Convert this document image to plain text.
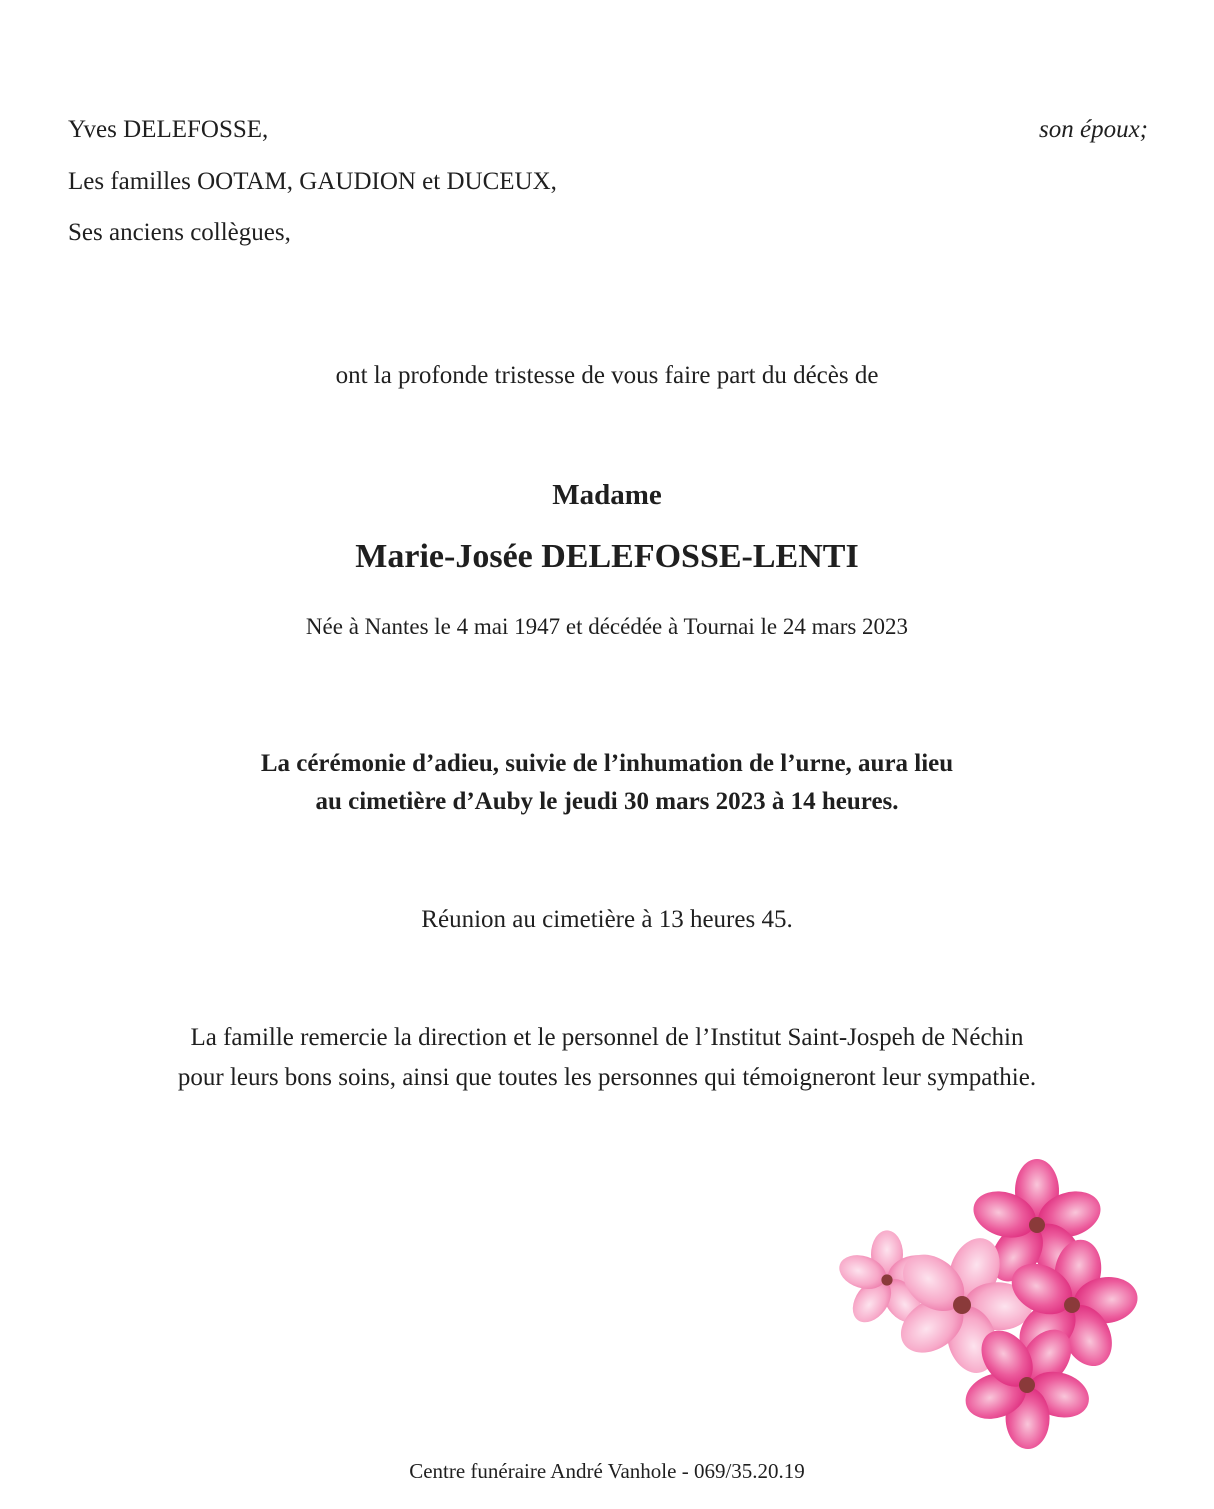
Yves DELEFOSSE,	son époux;
Les familles OOTAM, GAUDION et DUCEUX,
Ses anciens collègues,
ont la profonde tristesse de vous faire part du décès de
Madame
Marie-Josée DELEFOSSE-LENTI
Née à Nantes le 4 mai 1947 et décédée à Tournai le 24 mars 2023
La cérémonie d’adieu, suivie de l’inhumation de l’urne, aura lieu
au cimetière d’Auby le jeudi 30 mars 2023 à 14 heures.
Réunion au cimetière à 13 heures 45.
La famille remercie la direction et le personnel de l’Institut Saint-Jospeh de Néchin
pour leurs bons soins, ainsi que toutes les personnes qui témoigneront leur sympathie.
Centre funéraire André Vanhole - 069/35.20.19
